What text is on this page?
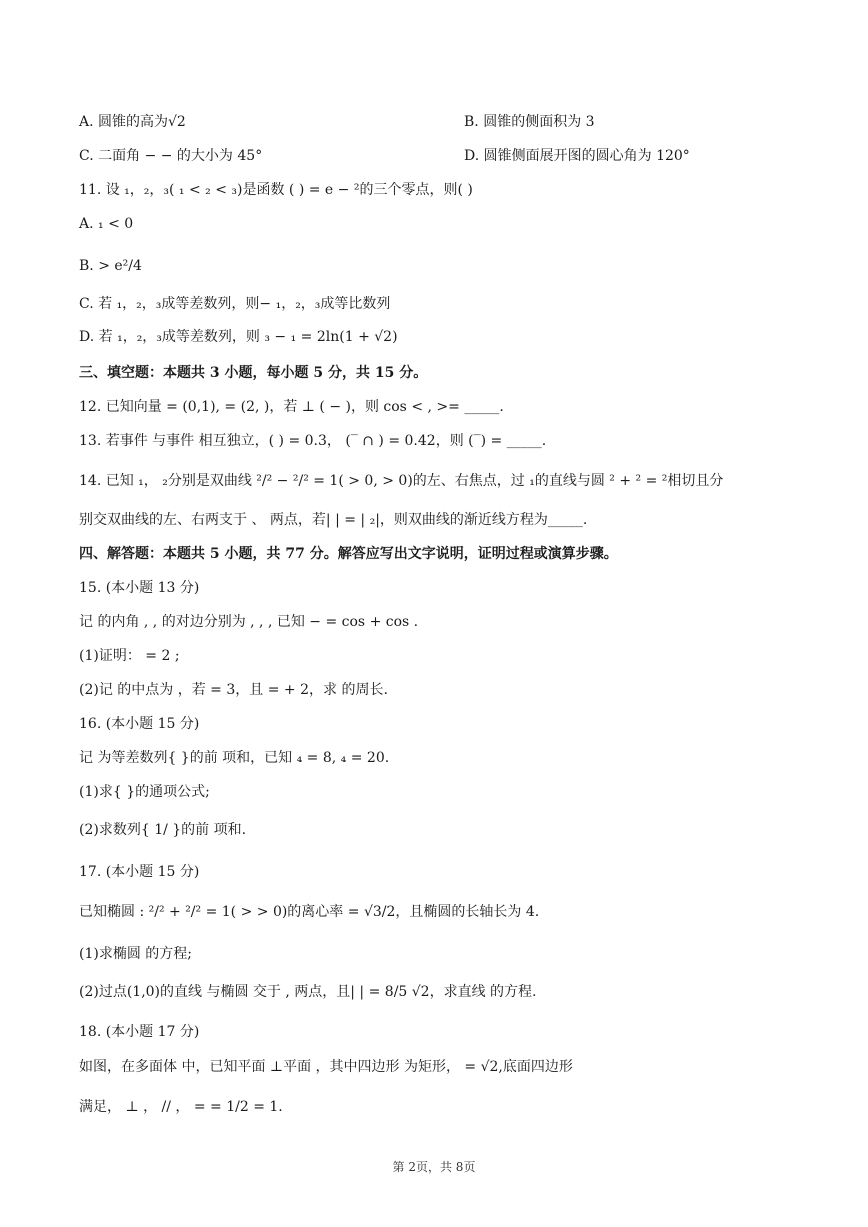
A. 圆锥的高为√2	B. 圆锥的侧面积为 3
C. 二面角 − − 的大小为 45°	D. 圆锥侧面展开图的圆心角为 120°
11. 设 ₁，₂，₃( ₁ < ₂ < ₃)是函数 ( ) = e − ²的三个零点，则( )
A. ₁ < 0
B. > e²/4
C. 若 ₁，₂，₃成等差数列，则− ₁，₂，₃成等比数列
D. 若 ₁，₂，₃成等差数列，则 ₃ − ₁ = 2ln(1 + √2)
三、填空题：本题共 3 小题，每小题 5 分，共 15 分。
12. 已知向量 = (0,1), = (2, )，若 ⊥ ( − )，则 cos < , >= _____.
13. 若事件 与事件 相互独立，( ) = 0.3， (‾ ∩ ) = 0.42，则 (‾) = _____.
14. 已知 ₁， ₂分别是双曲线 ²/² − ²/² = 1( > 0, > 0)的左、右焦点，过 ₁的直线与圆 ² + ² = ²相切且分
别交双曲线的左、右两支于 、 两点，若| | = | ₂|，则双曲线的渐近线方程为_____.
四、解答题：本题共 5 小题，共 77 分。解答应写出文字说明，证明过程或演算步骤。
15. (本小题 13 分)
记 的内角 , , 的对边分别为 , , , 已知 − = cos + cos .
(1)证明： = 2 ;
(2)记 的中点为 ，若 = 3，且 = + 2，求 的周长.
16. (本小题 15 分)
记 为等差数列{ }的前 项和，已知 ₄ = 8, ₄ = 20.
(1)求{ }的通项公式;
(2)求数列{ 1/ }的前 项和.
17. (本小题 15 分)
已知椭圆 : ²/² + ²/² = 1( > > 0)的离心率 = √3/2，且椭圆的长轴长为 4.
(1)求椭圆 的方程;
(2)过点(1,0)的直线 与椭圆 交于 , 两点，且| | = 8/5 √2，求直线 的方程.
18. (本小题 17 分)
如图，在多面体 中，已知平面 ⊥平面 ，其中四边形 为矩形， = √2,底面四边形
满足， ⊥ ， // ， = = 1/2 = 1.
第 2页，共 8页
